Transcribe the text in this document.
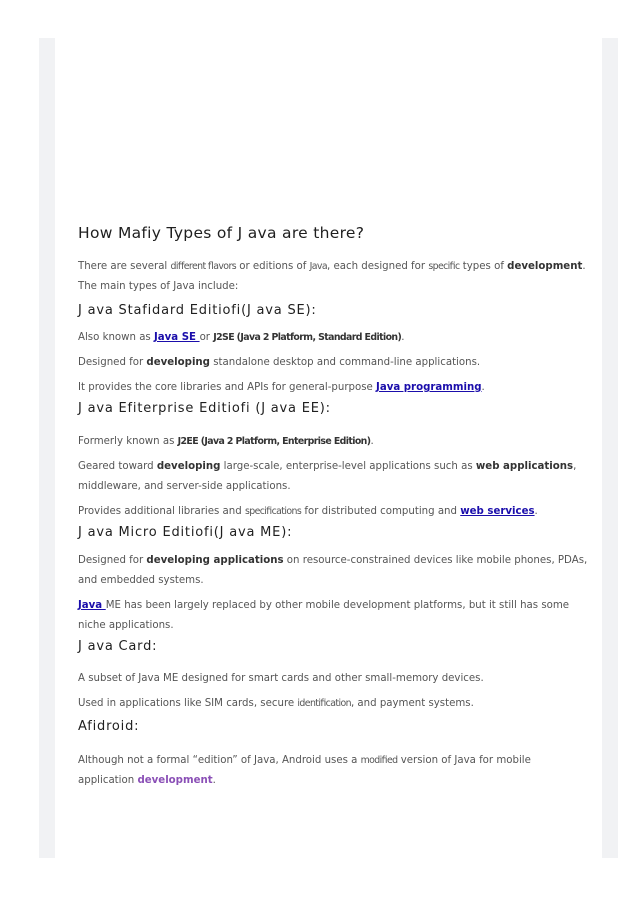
How Mafiy Types of J ava are there?

There are several diﬀerent ﬂavors or editions of Java, each designed for speciﬁc types of development. The main types of Java include:

J ava Stafidard Editiofi(J ava SE):

Also known as Java SE or J2SE (Java 2 Platform, Standard Edition).

Designed for developing standalone desktop and command-line applications.

It provides the core libraries and APIs for general-purpose Java programming.

J ava Efiterprise Editiofi (J ava EE):

Formerly known as J2EE (Java 2 Platform, Enterprise Edition).

Geared toward developing large-scale, enterprise-level applications such as web applications, middleware, and server-side applications.

Provides additional libraries and speciﬁcations for distributed computing and web services.

J ava Micro Editiofi(J ava ME):

Designed for developing applications on resource-constrained devices like mobile phones, PDAs, and embedded systems.

Java ME has been largely replaced by other mobile development platforms, but it still has some niche applications.

J ava Card:

A subset of Java ME designed for smart cards and other small-memory devices.

Used in applications like SIM cards, secure identiﬁcation, and payment systems.

Afidroid:

Although not a formal “edition” of Java, Android uses a modiﬁed version of Java for mobile application development.
